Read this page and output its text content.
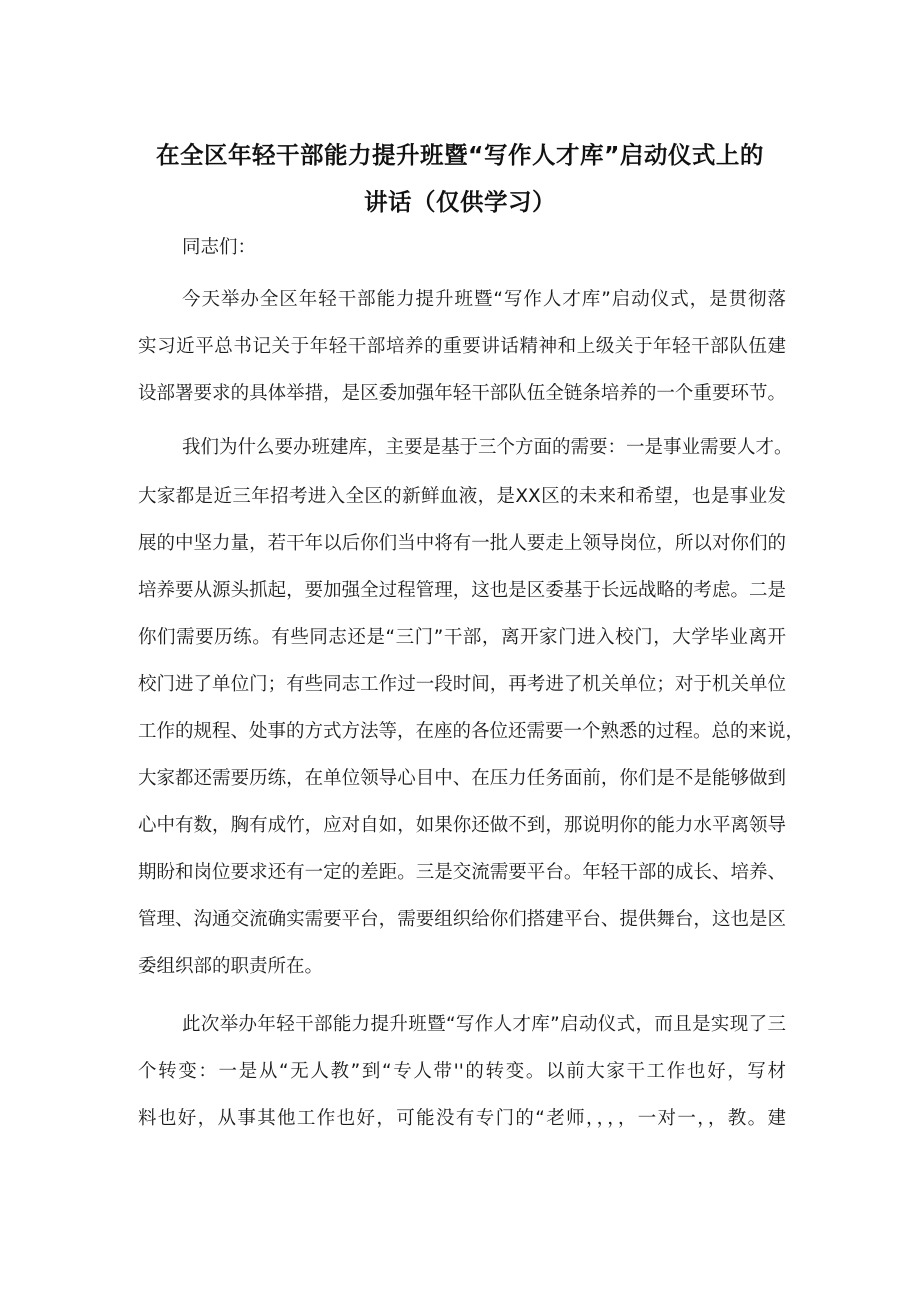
在全区年轻干部能力提升班暨“写作人才库”启动仪式上的
讲话（仅供学习）
同志们：
今天举办全区年轻干部能力提升班暨“写作人才库”启动仪式，是贯彻落
实习近平总书记关于年轻干部培养的重要讲话精神和上级关于年轻干部队伍建
设部署要求的具体举措，是区委加强年轻干部队伍全链条培养的一个重要环节。
我们为什么要办班建库，主要是基于三个方面的需要：一是事业需要人才。
大家都是近三年招考进入全区的新鲜血液，是XX区的未来和希望，也是事业发
展的中坚力量，若干年以后你们当中将有一批人要走上领导岗位，所以对你们的
培养要从源头抓起，要加强全过程管理，这也是区委基于长远战略的考虑。二是
你们需要历练。有些同志还是“三门”干部，离开家门进入校门，大学毕业离开
校门进了单位门；有些同志工作过一段时间，再考进了机关单位；对于机关单位
工作的规程、处事的方式方法等，在座的各位还需要一个熟悉的过程。总的来说，
大家都还需要历练，在单位领导心目中、在压力任务面前，你们是不是能够做到
心中有数，胸有成竹，应对自如，如果你还做不到，那说明你的能力水平离领导
期盼和岗位要求还有一定的差距。三是交流需要平台。年轻干部的成长、培养、
管理、沟通交流确实需要平台，需要组织给你们搭建平台、提供舞台，这也是区
委组织部的职责所在。
此次举办年轻干部能力提升班暨“写作人才库”启动仪式，而且是实现了三
个转变：一是从“无人教”到“专人带''的转变。以前大家干工作也好，写材
料也好，从事其他工作也好，可能没有专门的“老师，，，，一对一，，教。建
